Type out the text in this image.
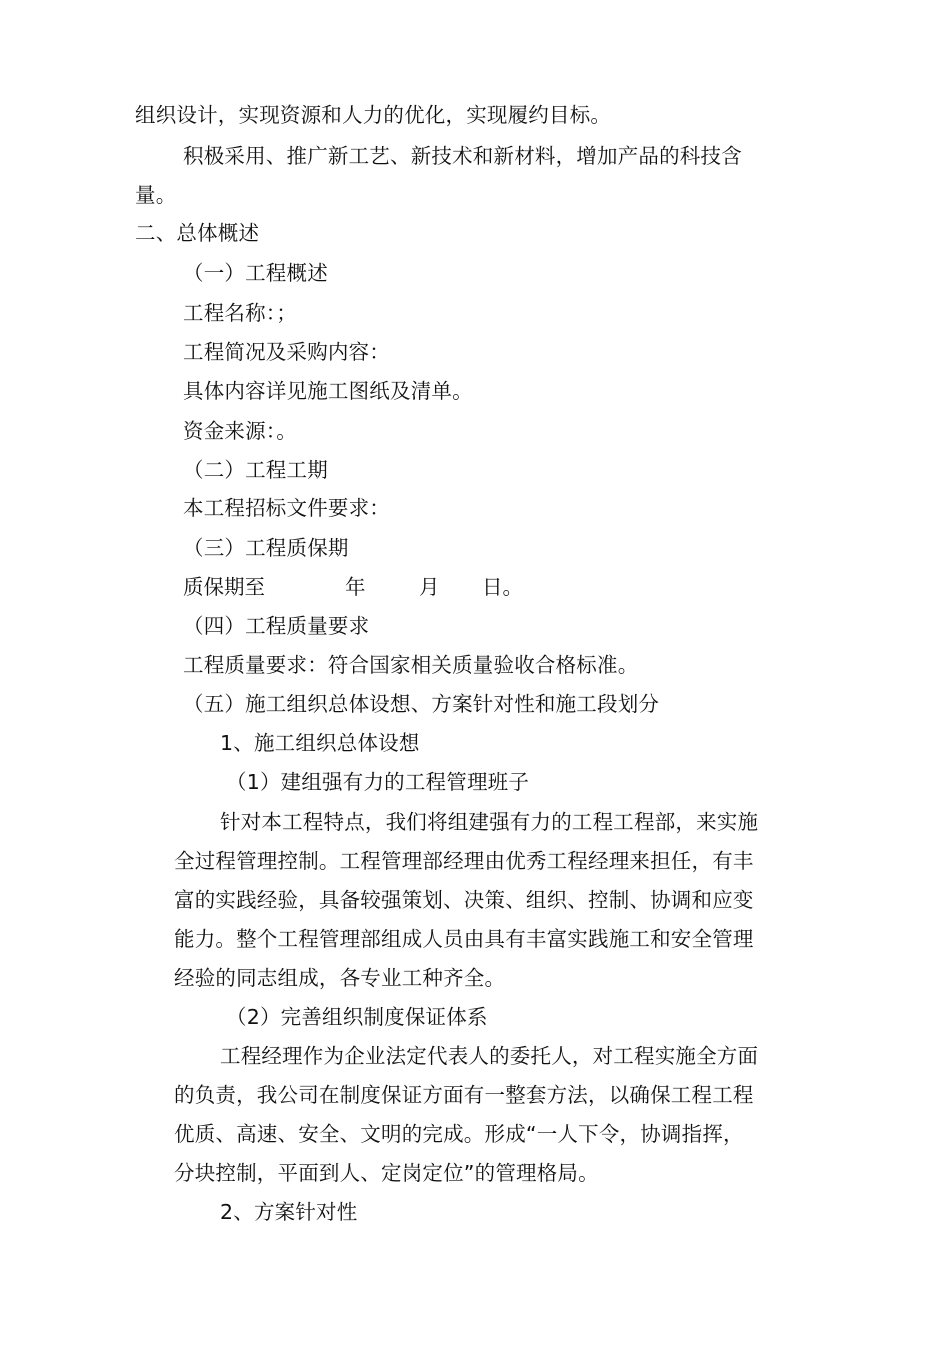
组织设计，实现资源和人力的优化，实现履约目标。
积极采用、推广新工艺、新技术和新材料，增加产品的科技含
量。
二、总体概述
（一）工程概述
工程名称：；
工程简况及采购内容：
具体内容详见施工图纸及清单。
资金来源：。
（二）工程工期
本工程招标文件要求：
（三）工程质保期
质保期至	年	月 日。
（四）工程质量要求
工程质量要求：符合国家相关质量验收合格标准。
（五）施工组织总体设想、方案针对性和施工段划分
1、施工组织总体设想
（1）建组强有力的工程管理班子
针对本工程特点，我们将组建强有力的工程工程部，来实施
全过程管理控制。工程管理部经理由优秀工程经理来担任，有丰
富的实践经验，具备较强策划、决策、组织、控制、协调和应变
能力。整个工程管理部组成人员由具有丰富实践施工和安全管理
经验的同志组成，各专业工种齐全。
（2）完善组织制度保证体系
工程经理作为企业法定代表人的委托人，对工程实施全方面
的负责，我公司在制度保证方面有一整套方法，以确保工程工程
优质、高速、安全、文明的完成。形成“一人下令，协调指挥，
分块控制，平面到人、定岗定位”的管理格局。
2、方案针对性
